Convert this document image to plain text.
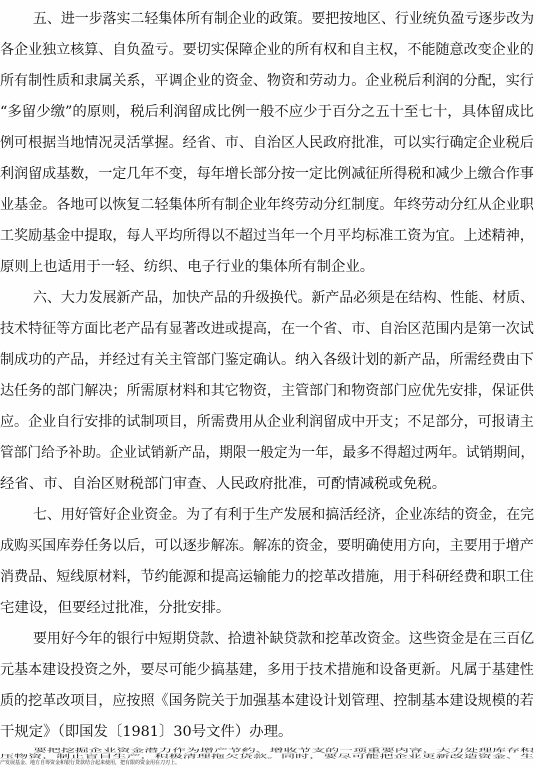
五、进一步落实二轻集体所有制企业的政策。要把按地区、行业统负盈亏逐步改为
各企业独立核算、自负盈亏。要切实保障企业的所有权和自主权，不能随意改变企业的
所有制性质和隶属关系，平调企业的资金、物资和劳动力。企业税后利润的分配，实行
“多留少缴”的原则，税后利润留成比例一般不应少于百分之五十至七十，具体留成比
例可根据当地情况灵活掌握。经省、市、自治区人民政府批准，可以实行确定企业税后
利润留成基数，一定几年不变，每年增长部分按一定比例减征所得税和减少上缴合作事
业基金。各地可以恢复二轻集体所有制企业年终劳动分红制度。年终劳动分红从企业职
工奖励基金中提取，每人平均所得以不超过当年一个月平均标准工资为宜。上述精神，
原则上也适用于一轻、纺织、电子行业的集体所有制企业。
六、大力发展新产品，加快产品的升级换代。新产品必须是在结构、性能、材质、
技术特征等方面比老产品有显著改进或提高，在一个省、市、自治区范围内是第一次试
制成功的产品，并经过有关主管部门鉴定确认。纳入各级计划的新产品，所需经费由下
达任务的部门解决；所需原材料和其它物资，主管部门和物资部门应优先安排，保证供
应。企业自行安排的试制项目，所需费用从企业利润留成中开支；不足部分，可报请主
管部门给予补助。企业试销新产品，期限一般定为一年，最多不得超过两年。试销期间，
经省、市、自治区财税部门审查、人民政府批准，可酌情减税或免税。
七、用好管好企业资金。为了有利于生产发展和搞活经济，企业冻结的资金，在完
成购买国库券任务以后，可以逐步解冻。解冻的资金，要明确使用方向，主要用于增产
消费品、短线原材料，节约能源和提高运输能力的挖革改措施，用于科研经费和职工住
宅建设，但要经过批准，分批安排。
要用好今年的银行中短期贷款、拾遗补缺贷款和挖革改资金。这些资金是在三百亿
元基本建设投资之外，要尽可能少搞基建，多用于技术措施和设备更新。凡属于基建性
质的挖革改项目，应按照《国务院关于加强基本建设计划管理、控制基本建设规模的若
干规定》（即国发〔1981〕30号文件）办理。
要把挖掘企业资金潜力作为增产节约、增收节支的一项重要内容，大力处理库存积
压物资，制止盲目生产，积极清理拖欠货款。同时，要尽可能把企业更新改造资金、生
产发展基金、地方自筹资金和银行贷款结合起来使用，把有限的资金用在刀刃上。
